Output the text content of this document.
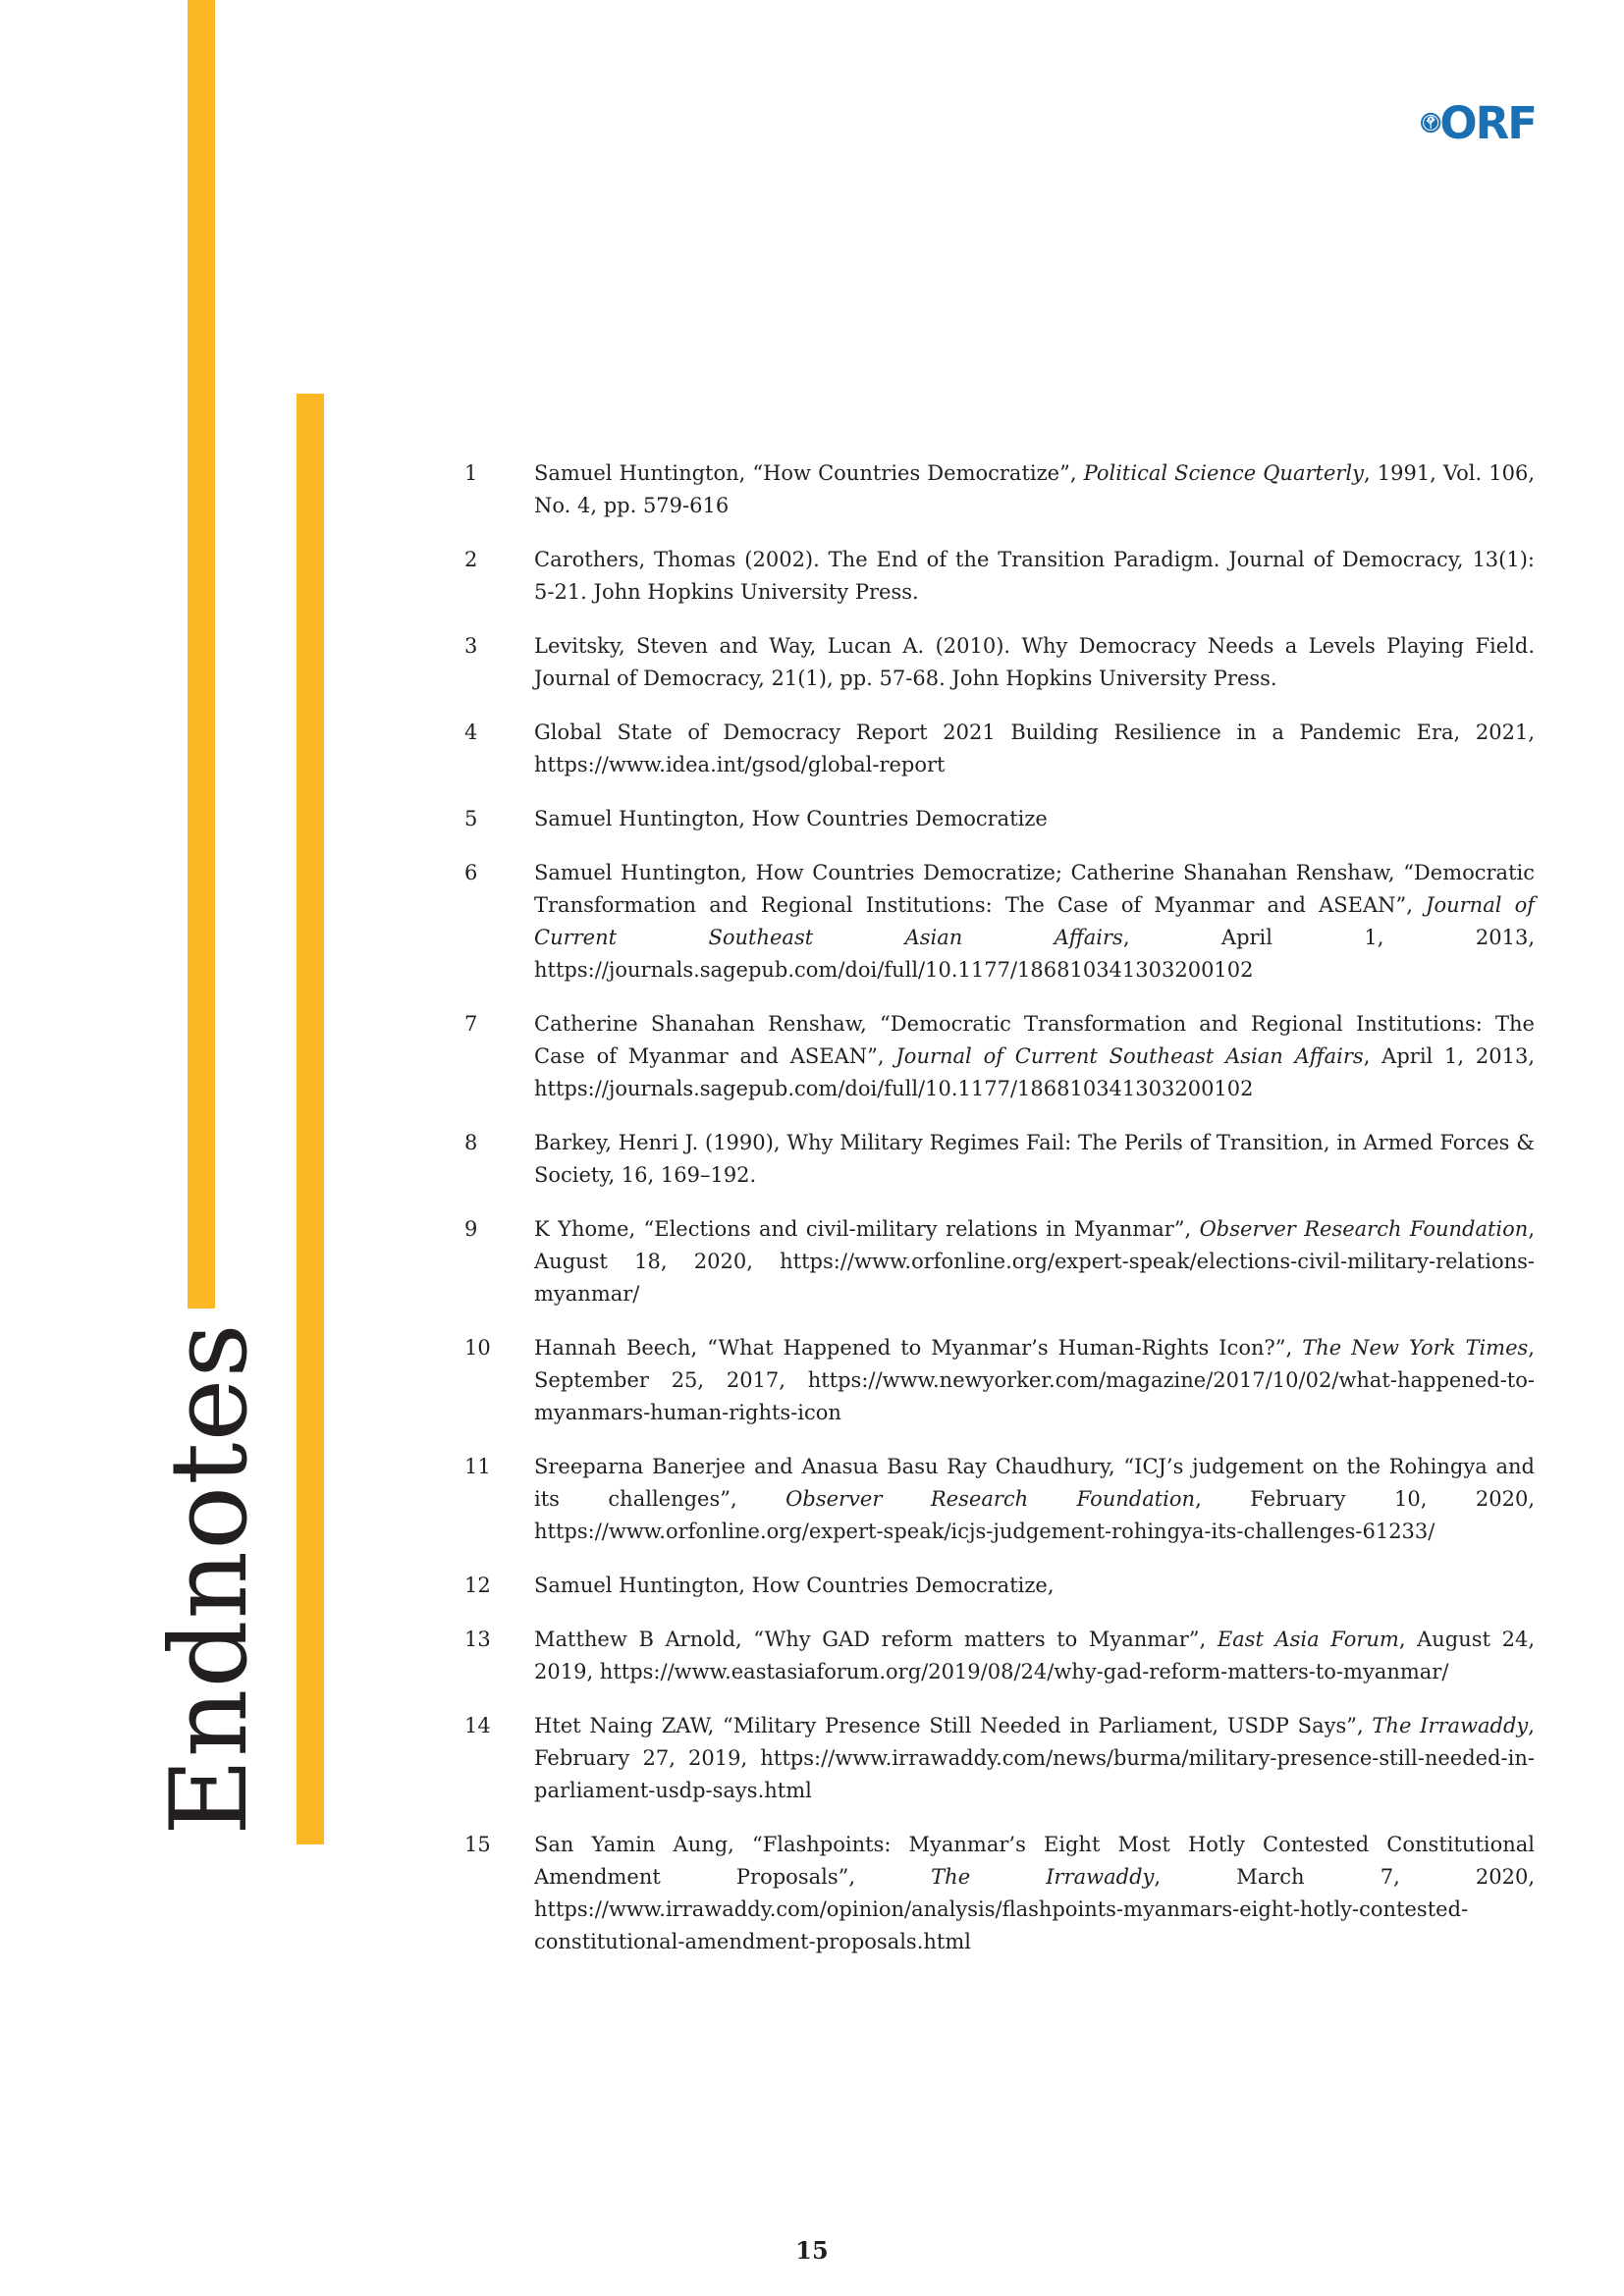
Endnotes
ORF
1	Samuel Huntington, “How Countries Democratize”, Political Science Quarterly, 1991, Vol. 106, No. 4, pp. 579-616
2	Carothers, Thomas (2002). The End of the Transition Paradigm. Journal of Democracy, 13(1): 5-21. John Hopkins University Press.
3	Levitsky, Steven and Way, Lucan A. (2010). Why Democracy Needs a Levels Playing Field. Journal of Democracy, 21(1), pp. 57-68. John Hopkins University Press.
4	Global State of Democracy Report 2021 Building Resilience in a Pandemic Era, 2021, https://www.idea.int/gsod/global-report
5	Samuel Huntington, How Countries Democratize
6	Samuel Huntington, How Countries Democratize; Catherine Shanahan Renshaw, “Democratic Transformation and Regional Institutions: The Case of Myanmar and ASEAN”, Journal of Current Southeast Asian Affairs, April 1, 2013, https://journals.sagepub.com/doi/full/10.1177/186810341303200102
7	Catherine Shanahan Renshaw, “Democratic Transformation and Regional Institutions: The Case of Myanmar and ASEAN”, Journal of Current Southeast Asian Affairs, April 1, 2013, https://journals.sagepub.com/doi/full/10.1177/186810341303200102
8	Barkey, Henri J. (1990), Why Military Regimes Fail: The Perils of Transition, in Armed Forces & Society, 16, 169–192.
9	K Yhome, “Elections and civil-military relations in Myanmar”, Observer Research Foundation, August 18, 2020, https://www.orfonline.org/expert-speak/elections-civil-military-relations-myanmar/
10	Hannah Beech, “What Happened to Myanmar’s Human-Rights Icon?”, The New York Times, September 25, 2017, https://www.newyorker.com/magazine/2017/10/02/what-happened-to-myanmars-human-rights-icon
11	Sreeparna Banerjee and Anasua Basu Ray Chaudhury, “ICJ’s judgement on the Rohingya and its challenges”, Observer Research Foundation, February 10, 2020, https://www.orfonline.org/expert-speak/icjs-judgement-rohingya-its-challenges-61233/
12	Samuel Huntington, How Countries Democratize,
13	Matthew B Arnold, “Why GAD reform matters to Myanmar”, East Asia Forum, August 24, 2019, https://www.eastasiaforum.org/2019/08/24/why-gad-reform-matters-to-myanmar/
14	Htet Naing ZAW, “Military Presence Still Needed in Parliament, USDP Says”, The Irrawaddy, February 27, 2019, https://www.irrawaddy.com/news/burma/military-presence-still-needed-in-parliament-usdp-says.html
15	San Yamin Aung, “Flashpoints: Myanmar’s Eight Most Hotly Contested Constitutional Amendment Proposals”, The Irrawaddy, March 7, 2020, https://www.irrawaddy.com/opinion/analysis/flashpoints-myanmars-eight-hotly-contested-constitutional-amendment-proposals.html
15
